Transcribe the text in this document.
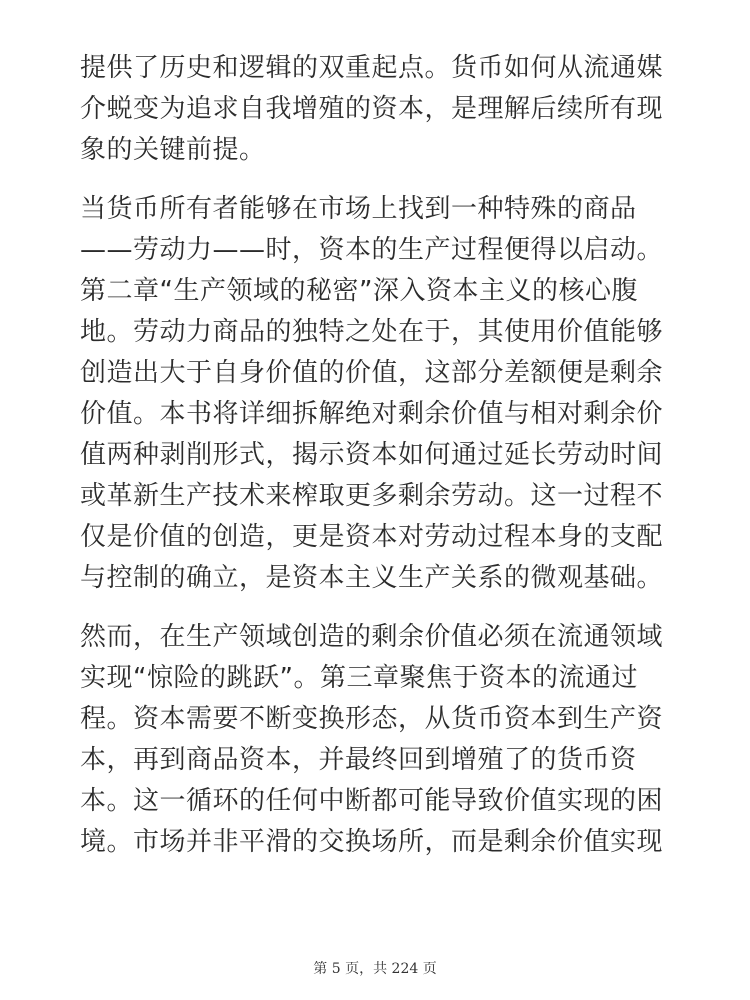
提供了历史和逻辑的双重起点。货币如何从流通媒介蜕变为追求自我增殖的资本，是理解后续所有现象的关键前提。

当货币所有者能够在市场上找到一种特殊的商品——劳动力——时，资本的生产过程便得以启动。第二章“生产领域的秘密”深入资本主义的核心腹地。劳动力商品的独特之处在于，其使用价值能够创造出大于自身价值的价值，这部分差额便是剩余价值。本书将详细拆解绝对剩余价值与相对剩余价值两种剥削形式，揭示资本如何通过延长劳动时间或革新生产技术来榨取更多剩余劳动。这一过程不仅是价值的创造，更是资本对劳动过程本身的支配与控制的确立，是资本主义生产关系的微观基础。

然而，在生产领域创造的剩余价值必须在流通领域实现“惊险的跳跃”。第三章聚焦于资本的流通过程。资本需要不断变换形态，从货币资本到生产资本，再到商品资本，并最终回到增殖了的货币资本。这一循环的任何中断都可能导致价值实现的困境。市场并非平滑的交换场所，而是剩余价值实现

第 5 页，共 224 页
